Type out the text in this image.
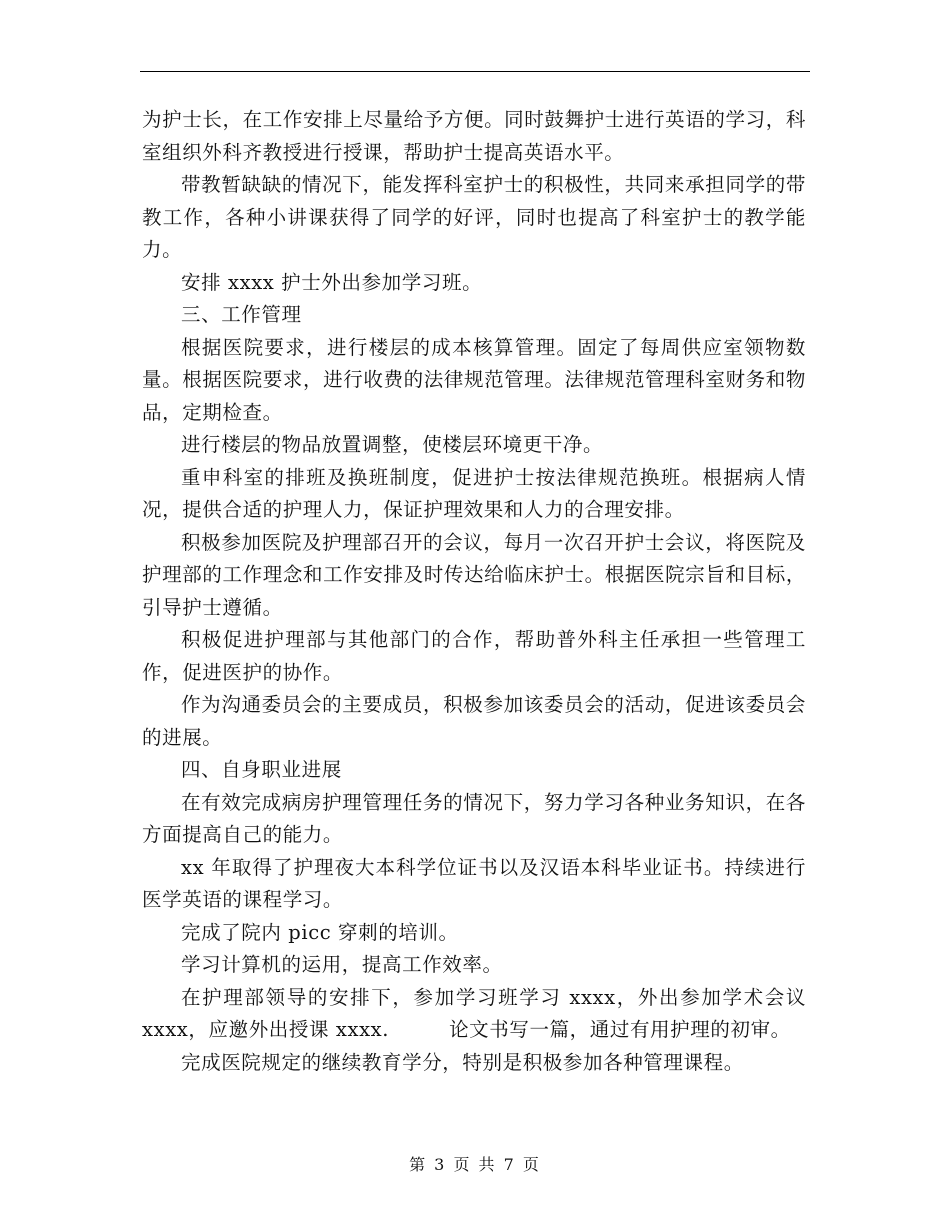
为护士长，在工作安排上尽量给予方便。同时鼓舞护士进行英语的学习，科室组织外科齐教授进行授课，帮助护士提高英语水平。

带教暂缺缺的情况下，能发挥科室护士的积极性，共同来承担同学的带教工作，各种小讲课获得了同学的好评，同时也提高了科室护士的教学能力。

安排 xxxx 护士外出参加学习班。

三、工作管理

根据医院要求，进行楼层的成本核算管理。固定了每周供应室领物数量。根据医院要求，进行收费的法律规范管理。法律规范管理科室财务和物品，定期检查。

进行楼层的物品放置调整，使楼层环境更干净。

重申科室的排班及换班制度，促进护士按法律规范换班。根据病人情况，提供合适的护理人力，保证护理效果和人力的合理安排。

积极参加医院及护理部召开的会议，每月一次召开护士会议，将医院及护理部的工作理念和工作安排及时传达给临床护士。根据医院宗旨和目标，引导护士遵循。

积极促进护理部与其他部门的合作，帮助普外科主任承担一些管理工作，促进医护的协作。

作为沟通委员会的主要成员，积极参加该委员会的活动，促进该委员会的进展。

四、自身职业进展

在有效完成病房护理管理任务的情况下，努力学习各种业务知识，在各方面提高自己的能力。

xx 年取得了护理夜大本科学位证书以及汉语本科毕业证书。持续进行医学英语的课程学习。

完成了院内 picc 穿刺的培训。

学习计算机的运用，提高工作效率。

在护理部领导的安排下，参加学习班学习 xxxx，外出参加学术会议 xxxx，应邀外出授课 xxxx.	论文书写一篇，通过有用护理的初审。

完成医院规定的继续教育学分，特别是积极参加各种管理课程。

第 3 页 共 7 页
